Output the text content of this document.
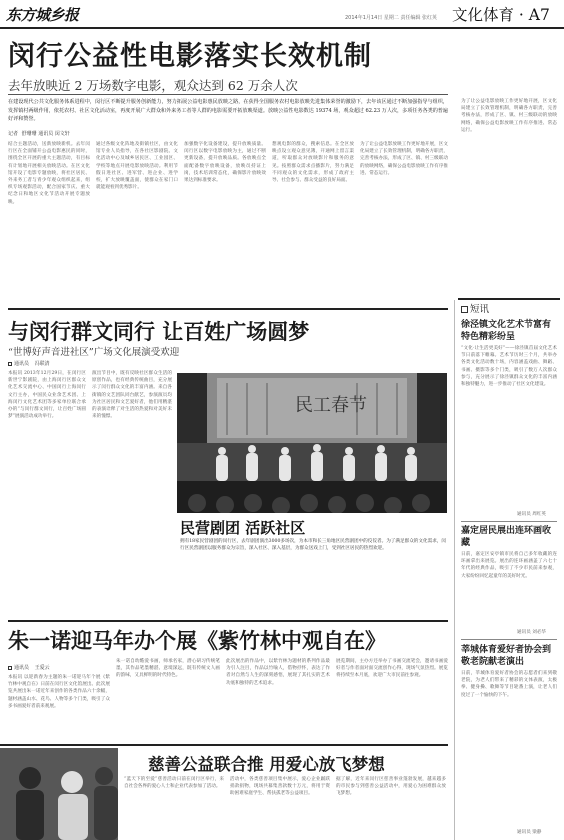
东方城乡报	2014年1月14日 星期二 责任编辑 张红英 文化体育 · A7
闵行公益性电影落实长效机制
去年放映近 2 万场数字电影，观众达到 62 万余人次
在建设现代公共文化服务体系进程中，闵行区不断提升服务创新能力，努力拓展公益电影惠民放映之路，在获得全国服务农村电影放映先进集体荣誉的激励下，去年该区通过不断加强指导与组织，发挥镇村两级作用，依托农村、社区文化活动室，再度开展广大群众和外来务工者等人群的电影需要开拓放映渠道。放映公益性电影数达 19374 场，观众超过 62.23 万人次，多项任务各类的普遍好评和赞誉。
记者 舒珊珊 通讯员 闵文轩
结合主题活动，送新放映新机。去年闵行区在全面铺开公益电影惠民的同时，围绕全区开展的重大主题活动，有目标有计划地开展相关放映活动。在区文化馆开设了电影专题放映，将社区居民、外来务工者与青少年观众组织起来，组织专场观影活动，配合国家节庆、重大纪念日和地区文化节活动开展专题放映。
通过各级文化阵地及街镇社区，由文化馆专业人员指导，在各社区影剧院、文化活动中心及城乡居民区、工业园区、学校等地点开展电影放映活动。利用节假日进社区、进军营、进企业、进学校，扩大放映覆盖面，使群众在家门口就能观看到优秀影片。
加强数字化设备建设，提升放映质量。闵行区以数字电影放映为主，通过不断更新设备，提升放映品质。各放映点全面配备数字放映设备，放映员持证上岗，技术培训常态化，确保影片放映效果达到标准要求。
想观电影的群众，搜索信息。在全区放映点设立观众意见簿，开通网上留言渠道，听取群众对放映影片和服务的意见。按照群众需求点播影片，努力满足不同观众的文化需求，形成了政府主导、社会参与、群众受益的良好局面。
为了让公益电影放映工作更好地开展，区文化局建立了长效管理机制，明确各方职责，完善考核办法，形成了区、镇、村三级联动的放映网络，确保公益电影放映工作有序推进、常态运行。
为了让公益电影放映工作更好地开展，区文化局建立了长效管理机制，明确各方职责，完善考核办法，形成了区、镇、村三级联动的放映网络，确保公益电影放映工作有序推进、常态运行。
与闵行群文同行 让百姓广场圆梦
“世博好声音进社区”广场文化展演受欢迎
通讯员 冯联清
本报讯 2013年12月29日，在闵行区新世宁影剧院，由上海闵行区群众文化艺术交流中心、中国闵行上海闵行文行主办，中国民众业余艺术团、上海闵行文化艺术团等多家单位联合承办的“与闵行群文同行，让百姓广场圆梦”展演活动成功举行。
演出节目中，既有反映社区群众生活的原创作品，也有经典传统曲目，充分展示了闵行群众文化的丰富内涵。来自各街镇的文艺团队同台献艺，参演演员均为社区居民和文艺爱好者，他们用精湛的表演诠释了对生活的热爱和对美好未来的憧憬。
民工春节
民营剧团 活跃社区
拥有18家民营剧团的闵行区，去年剧团演出3000多场次，为本市和长三角地区民营剧团中的佼佼者。为了满足群众的文化需求，闵行区民营剧团以服务群众为宗旨，深入社区、深入基层，为群众送戏上门，受到社区居民的热烈欢迎。
朱一诺迎马年办个展《紫竹林中观自在》
通讯员 王爱云
本报讯 以迎新春为主题的朱一诺迎马年个展《紫竹林中观自在》日前在闵行区文化馆展出。此次展览共展出朱一诺近年来创作的各类作品六十余幅，题材涵盖山水、花鸟、人物等多个门类，吸引了众多书画爱好者前来观展。
朱一诺自幼酷爱书画，师承名家，潜心研习传统笔墨，其作品笔墨精湛、意境深远，既有传统文人画的韵味，又具鲜明的时代特色。
此次展出的作品中，以紫竹林为题材的系列作品最为引人注目，作品以竹喻人，借物抒怀，表达了作者对自然与人生的深刻感悟，展现了其扎实的艺术功底和独特的艺术追求。
展览期间，主办方还举办了书画交流笔会，邀请书画爱好者与作者面对面交流创作心得，现场气氛热烈。展览将持续至本月底，欢迎广大市民前往参观。
慈善公益联合推 用爱心放飞梦想
“蓝天下的至爱”慈善活动日前在闵行区举行，来自社会各界的爱心人士和企业代表参加了活动。
活动中，各类慈善项目集中展示，爱心企业踊跃捐款捐物，现场共募集善款数十万元，将用于资助困难家庭学生、帮扶孤老等公益项目。
据了解，近年来闵行区慈善事业蓬勃发展，越来越多的市民参与到慈善公益活动中，用爱心为困难群众放飞梦想。
短讯
徐泾镇文化艺术节富有特色精彩纷呈
“文化·让生活更美好”——徐泾镇首届文化艺术节日前落下帷幕。艺术节历时三个月，共举办各类文化活动数十场，内容涵盖戏曲、舞蹈、书画、摄影等多个门类，吸引了数万人次群众参与，充分展示了徐泾镇群众文化的丰富内涵和独特魅力，进一步推动了社区文化建设。
通讯员 周红英
嘉定居民展出连环画收藏
日前，嘉定区安亭镇市民将自己多年收藏的连环画拿出来展览。展出的连环画涵盖了六七十年代的经典作品，吸引了不少市民前来参观，大家纷纷回忆起童年的美好时光。
通讯员 刘必华
莘城体育爱好者协会到敬老院献老演出
日前，莘城体育爱好者协会的志愿者们来到敬老院，为老人们带来了精彩的文体表演，太极拳、健身操、歌舞等节目轮番上演，让老人们度过了一个愉快的下午。
通讯员 梁静
